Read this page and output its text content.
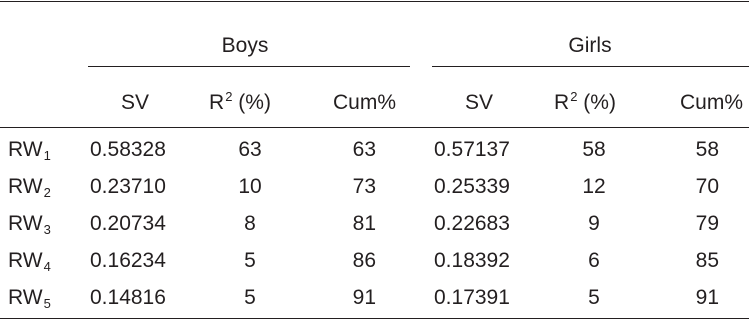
Boys	Girls
SV	$R^2$ (%)	Cum%	SV	$R^2$ (%)	Cum%
$RW_1$ 0.58328	63	63	0.57137	58	58
$RW_2$ 0.23710	10	73	0.25339	12	70
$RW_3$ 0.20734	8	81	0.22683	9	79
$RW_4$ 0.16234	5	86	0.18392	6	85
$RW_5$ 0.14816	5	91	0.17391	5	91
